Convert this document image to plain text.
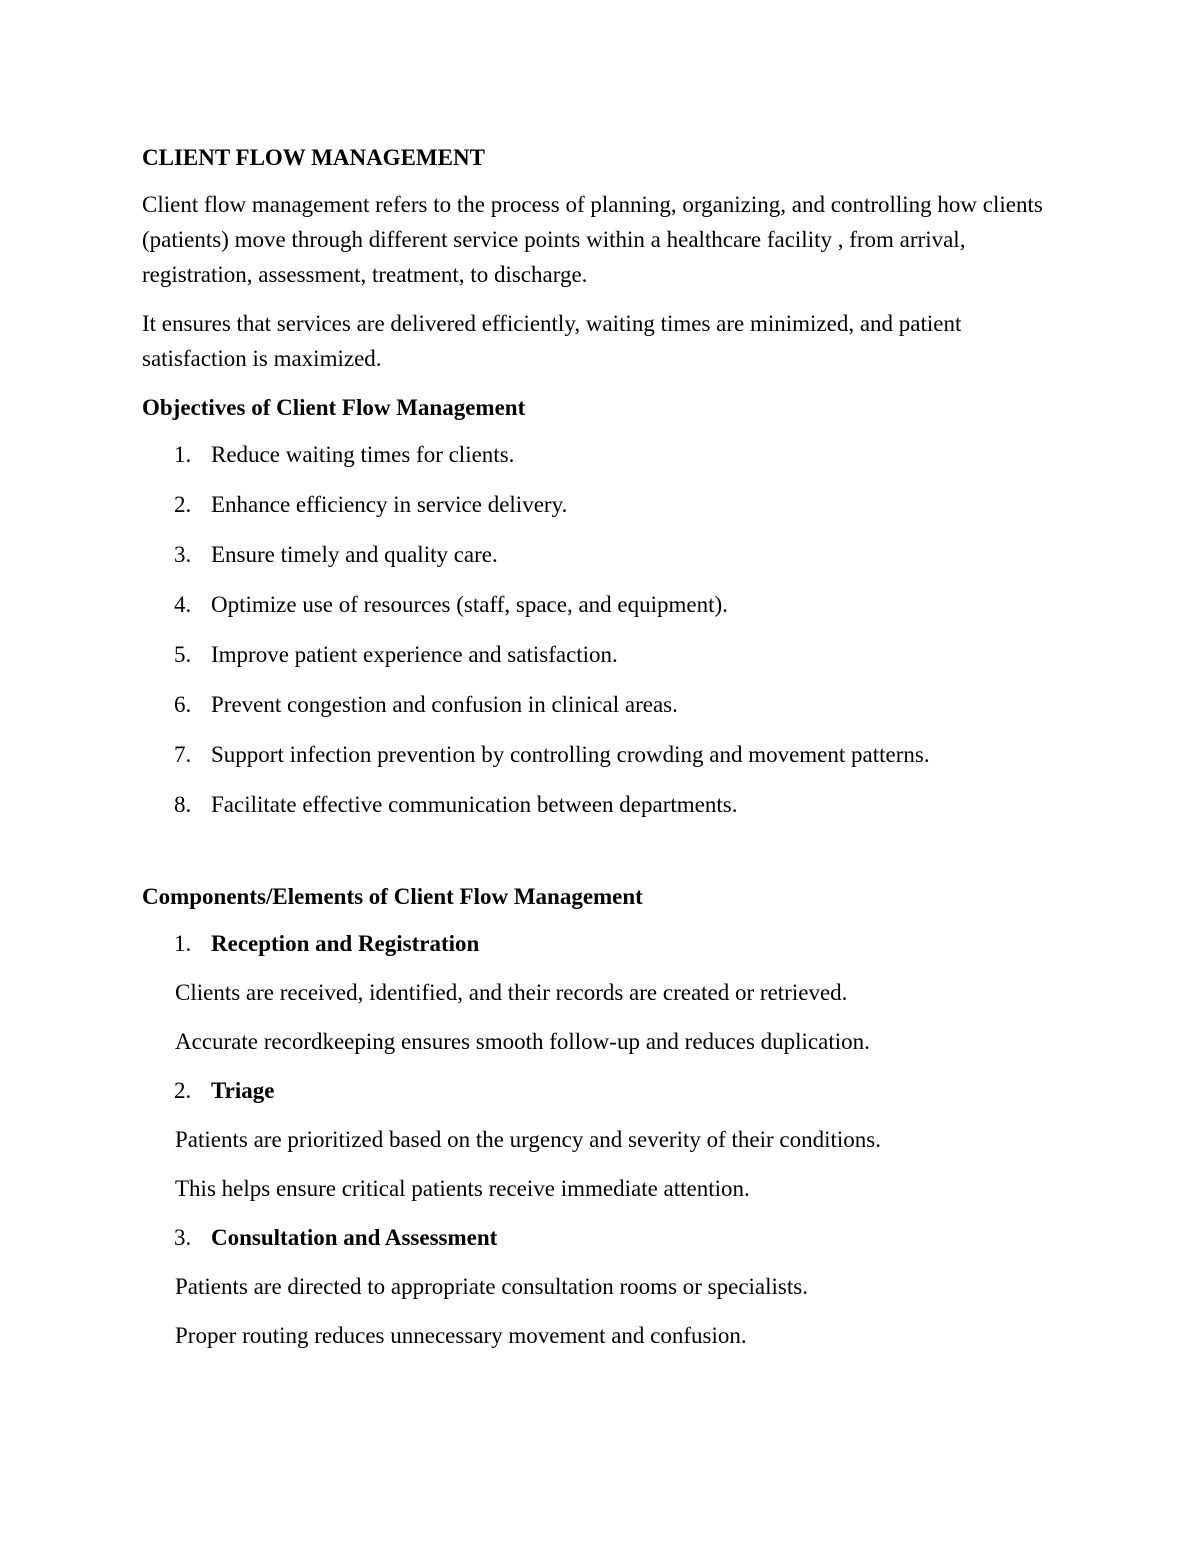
CLIENT FLOW MANAGEMENT

Client flow management refers to the process of planning, organizing, and controlling how clients (patients) move through different service points within a healthcare facility , from arrival, registration, assessment, treatment, to discharge.

It ensures that services are delivered efficiently, waiting times are minimized, and patient satisfaction is maximized.

Objectives of Client Flow Management
1. Reduce waiting times for clients.
2. Enhance efficiency in service delivery.
3. Ensure timely and quality care.
4. Optimize use of resources (staff, space, and equipment).
5. Improve patient experience and satisfaction.
6. Prevent congestion and confusion in clinical areas.
7. Support infection prevention by controlling crowding and movement patterns.
8. Facilitate effective communication between departments.
Components/Elements of Client Flow Management
1. Reception and Registration

Clients are received, identified, and their records are created or retrieved.

Accurate recordkeeping ensures smooth follow-up and reduces duplication.

2. Triage

Patients are prioritized based on the urgency and severity of their conditions.

This helps ensure critical patients receive immediate attention.

3. Consultation and Assessment

Patients are directed to appropriate consultation rooms or specialists.

Proper routing reduces unnecessary movement and confusion.
